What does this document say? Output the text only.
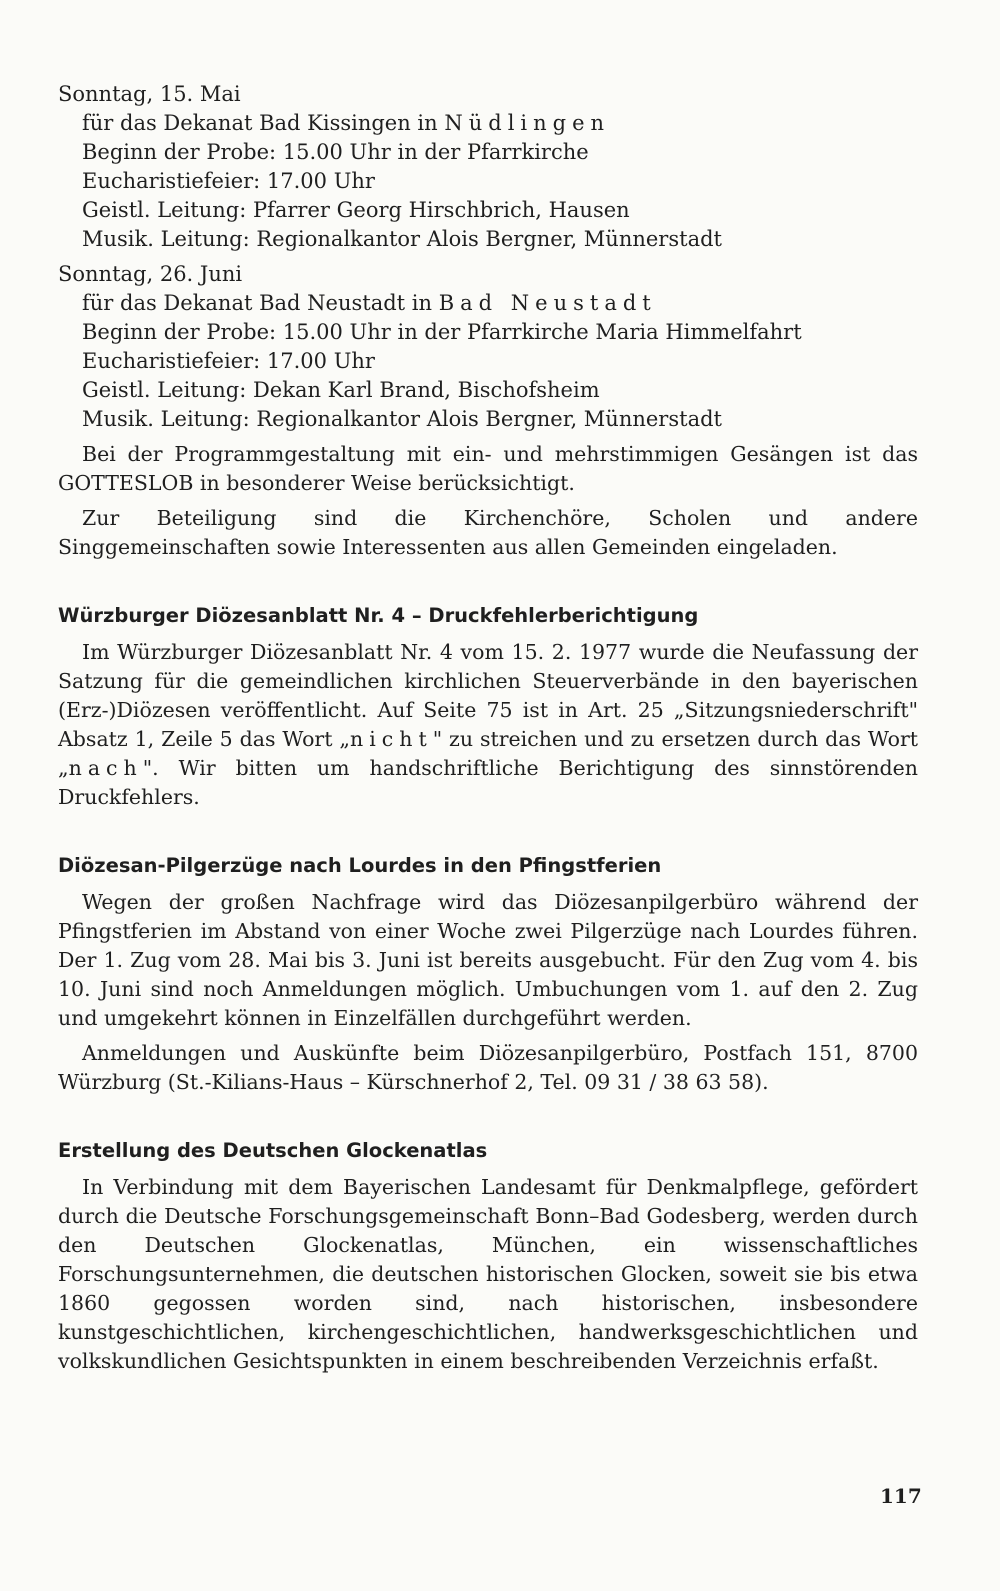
Sonntag, 15. Mai

für das Dekanat Bad Kissingen in Nüdlingen

Beginn der Probe: 15.00 Uhr in der Pfarrkirche

Eucharistiefeier: 17.00 Uhr

Geistl. Leitung: Pfarrer Georg Hirschbrich, Hausen

Musik. Leitung: Regionalkantor Alois Bergner, Münnerstadt

Sonntag, 26. Juni

für das Dekanat Bad Neustadt in Bad Neustadt

Beginn der Probe: 15.00 Uhr in der Pfarrkirche Maria Himmelfahrt

Eucharistiefeier: 17.00 Uhr

Geistl. Leitung: Dekan Karl Brand, Bischofsheim

Musik. Leitung: Regionalkantor Alois Bergner, Münnerstadt

Bei der Programmgestaltung mit ein- und mehrstimmigen Gesängen ist das GOTTESLOB in besonderer Weise berücksichtigt.

Zur Beteiligung sind die Kirchenchöre, Scholen und andere Singgemeinschaften sowie Interessenten aus allen Gemeinden eingeladen.

Würzburger Diözesanblatt Nr. 4 – Druckfehlerberichtigung

Im Würzburger Diözesanblatt Nr. 4 vom 15. 2. 1977 wurde die Neufassung der Satzung für die gemeindlichen kirchlichen Steuerverbände in den bayerischen (Erz-)Diözesen veröffentlicht. Auf Seite 75 ist in Art. 25 „Sitzungsniederschrift" Absatz 1, Zeile 5 das Wort „nicht" zu streichen und zu ersetzen durch das Wort „nach". Wir bitten um handschriftliche Berichtigung des sinnstörenden Druckfehlers.

Diözesan-Pilgerzüge nach Lourdes in den Pfingstferien

Wegen der großen Nachfrage wird das Diözesanpilgerbüro während der Pfingstferien im Abstand von einer Woche zwei Pilgerzüge nach Lourdes führen. Der 1. Zug vom 28. Mai bis 3. Juni ist bereits ausgebucht. Für den Zug vom 4. bis 10. Juni sind noch Anmeldungen möglich. Umbuchungen vom 1. auf den 2. Zug und umgekehrt können in Einzelfällen durchgeführt werden.

Anmeldungen und Auskünfte beim Diözesanpilgerbüro, Postfach 151, 8700 Würzburg (St.-Kilians-Haus – Kürschnerhof 2, Tel. 09 31 / 38 63 58).

Erstellung des Deutschen Glockenatlas

In Verbindung mit dem Bayerischen Landesamt für Denkmalpflege, gefördert durch die Deutsche Forschungsgemeinschaft Bonn–Bad Godesberg, werden durch den Deutschen Glockenatlas, München, ein wissenschaftliches Forschungsunternehmen, die deutschen historischen Glocken, soweit sie bis etwa 1860 gegossen worden sind, nach historischen, insbesondere kunstgeschichtlichen, kirchengeschichtlichen, handwerksgeschichtlichen und volkskundlichen Gesichtspunkten in einem beschreibenden Verzeichnis erfaßt.

117
